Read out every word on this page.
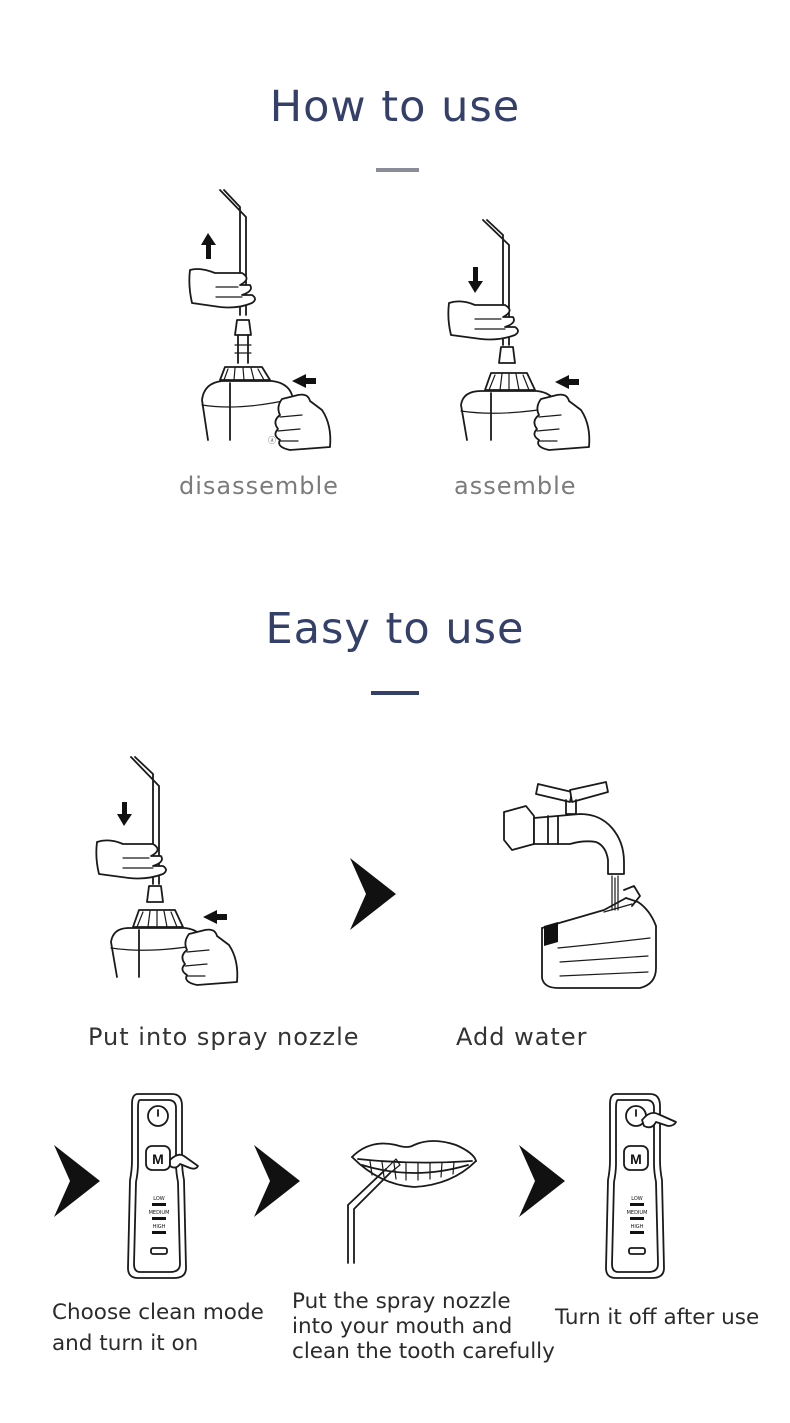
How to use
ⓐ
disassemble	assemble
Easy to use
Put into spray nozzle	Add water
M
LOW
MEDIUM
HIGH
Choose clean mode
and turn it on
Put the spray nozzle
into your mouth and
clean the tooth carefully
M
LOW
MEDIUM
HIGH
Turn it off after use
